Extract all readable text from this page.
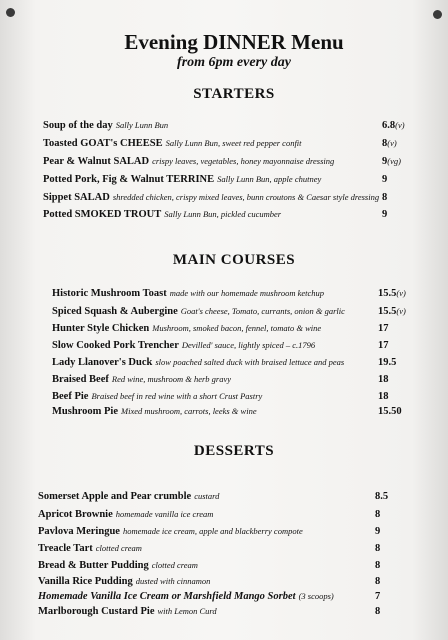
Evening DINNER Menu
from 6pm every day
STARTERS
Soup of the day Sally Lunn Bun	6.8(v)
Toasted GOAT's CHEESE Sally Lunn Bun, sweet red pepper confit	8(v)
Pear & Walnut SALAD crispy leaves, vegetables, honey mayonnaise dressing	9(vg)
Potted Pork, Fig & Walnut TERRINE Sally Lunn Bun, apple chutney	9
Sippet SALAD shredded chicken, crispy mixed leaves, bunn croutons & Caesar style dressing 8
Potted SMOKED TROUT Sally Lunn Bun, pickled cucumber	9
MAIN COURSES
Historic Mushroom Toast made with our homemade mushroom ketchup	15.5(v)
Spiced Squash & Aubergine Goat's cheese, Tomato, currants, onion & garlic	15.5(v)
Hunter Style Chicken Mushroom, smoked bacon, fennel, tomato & wine	17
Slow Cooked Pork Trencher Devilled' sauce, lightly spiced – c.1796	17
Lady Llanover's Duck slow poached salted duck with braised lettuce and peas	19.5
Braised Beef Red wine, mushroom & herb gravy	18
Beef Pie Braised beef in red wine with a short Crust Pastry	18
Mushroom Pie Mixed mushroom, carrots, leeks & wine	15.50
DESSERTS
Somerset Apple and Pear crumble custard	8.5
Apricot Brownie homemade vanilla ice cream	8
Pavlova Meringue homemade ice cream, apple and blackberry compote	9
Treacle Tart clotted cream	8
Bread & Butter Pudding clotted cream	8
Vanilla Rice Pudding dusted with cinnamon	8
Homemade Vanilla Ice Cream or Marshfield Mango Sorbet (3 scoops)	7
Marlborough Custard Pie with Lemon Curd	8
